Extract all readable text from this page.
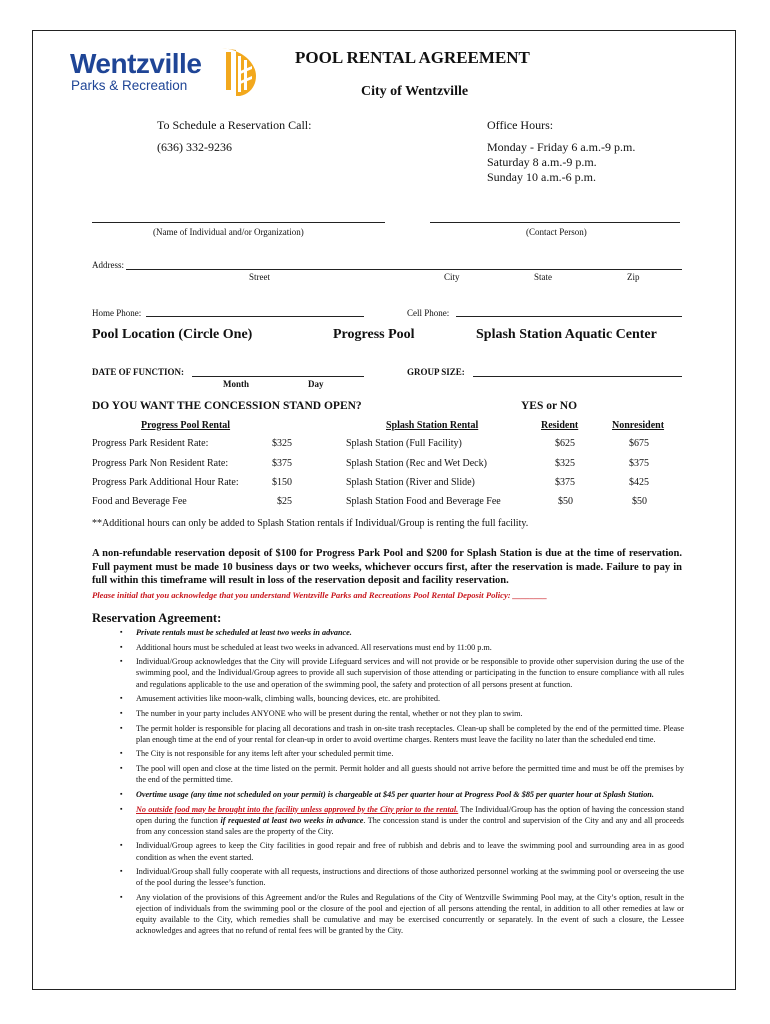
Wentzville
Parks & Recreation
POOL RENTAL AGREEMENT
City of Wentzville
To Schedule a Reservation Call:
(636) 332-9236
Office Hours:
Monday - Friday 6 a.m.-9 p.m.
Saturday 8 a.m.-9 p.m.
Sunday 10 a.m.-6 p.m.
(Name of Individual and/or Organization)	(Contact Person)
Address:
Street	City	State	Zip
Home Phone:	Cell Phone:
Pool Location (Circle One)	Progress Pool	Splash Station Aquatic Center
DATE OF FUNCTION:
Month	Day
GROUP SIZE:
DO YOU WANT THE CONCESSION STAND OPEN?	YES or NO
Progress Pool Rental	Splash Station Rental	Resident	Nonresident
Progress Park Resident Rate:	$325	Splash Station (Full Facility)	$625	$675
Progress Park Non Resident Rate:	$375	Splash Station (Rec and Wet Deck)	$325	$375
Progress Park Additional Hour Rate:	$150	Splash Station (River and Slide)	$375	$425
Food and Beverage Fee	$25	Splash Station Food and Beverage Fee	$50	$50
**Additional hours can only be added to Splash Station rentals if Individual/Group is renting the full facility.
A non-refundable reservation deposit of $100 for Progress Park Pool and $200 for Splash Station is due at the time of reservation. Full payment must be made 10 business days or two weeks, whichever occurs first, after the reservation is made. Failure to pay in full within this timeframe will result in loss of the reservation deposit and facility reservation.
Please initial that you acknowledge that you understand Wentzville Parks and Recreations Pool Rental Deposit Policy: ________
Reservation Agreement:
▪ Private rentals must be scheduled at least two weeks in advance.
▪ Additional hours must be scheduled at least two weeks in advanced. All reservations must end by 11:00 p.m.
▪ Individual/Group acknowledges that the City will provide Lifeguard services and will not provide or be responsible to provide other supervision during the use of the swimming pool, and the Individual/Group agrees to provide all such supervision of those attending or participating in the function to ensure compliance with all rules and regulations applicable to the use and operation of the swimming pool, the safety and protection of all persons present at function.
▪ Amusement activities like moon-walk, climbing walls, bouncing devices, etc. are prohibited.
▪ The number in your party includes ANYONE who will be present during the rental, whether or not they plan to swim.
▪ The permit holder is responsible for placing all decorations and trash in on-site trash receptacles. Clean-up shall be completed by the end of the permitted time. Please plan enough time at the end of your rental for clean-up in order to avoid overtime charges. Renters must leave the facility no later than the scheduled end time.
▪ The City is not responsible for any items left after your scheduled permit time.
▪ The pool will open and close at the time listed on the permit. Permit holder and all guests should not arrive before the permitted time and must be off the premises by the end of the permitted time.
▪ Overtime usage (any time not scheduled on your permit) is chargeable at $45 per quarter hour at Progress Pool & $85 per quarter hour at Splash Station.
▪ No outside food may be brought into the facility unless approved by the City prior to the rental. The Individual/Group has the option of having the concession stand open during the function if requested at least two weeks in advance. The concession stand is under the control and supervision of the City and any and all proceeds from any concession stand sales are the property of the City.
▪ Individual/Group agrees to keep the City facilities in good repair and free of rubbish and debris and to leave the swimming pool and surrounding area in as good condition as when the event started.
▪ Individual/Group shall fully cooperate with all requests, instructions and directions of those authorized personnel working at the swimming pool or overseeing the use of the pool during the lessee’s function.
▪ Any violation of the provisions of this Agreement and/or the Rules and Regulations of the City of Wentzville Swimming Pool may, at the City’s option, result in the ejection of individuals from the swimming pool or the closure of the pool and ejection of all persons attending the rental, in addition to all other remedies at law or equity available to the City, which remedies shall be cumulative and may be exercised concurrently or separately. In the event of such a closure, the Lessee acknowledges and agrees that no refund of rental fees will be granted by the City.
